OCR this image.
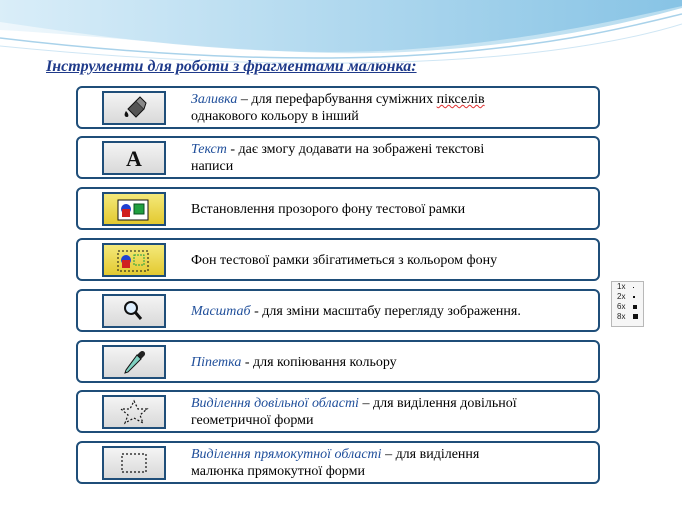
Інструменти для роботи з фрагментами малюнка:
Заливка – для перефарбування суміжних пікселів
однакового кольору в інший
A	Текст - дає змогу додавати на зображені текстові
написи
Встановлення прозорого фону тестової рамки
Фон тестової рамки збігатиметься з кольором фону
Масштаб - для зміни масштабу перегляду зображення.
Піпетка - для копіювання кольору
Виділення довільної області – для виділення довільної
геометричної форми
Виділення прямокутної області – для виділення
малюнка прямокутної форми
1x
2x
6x
8x
